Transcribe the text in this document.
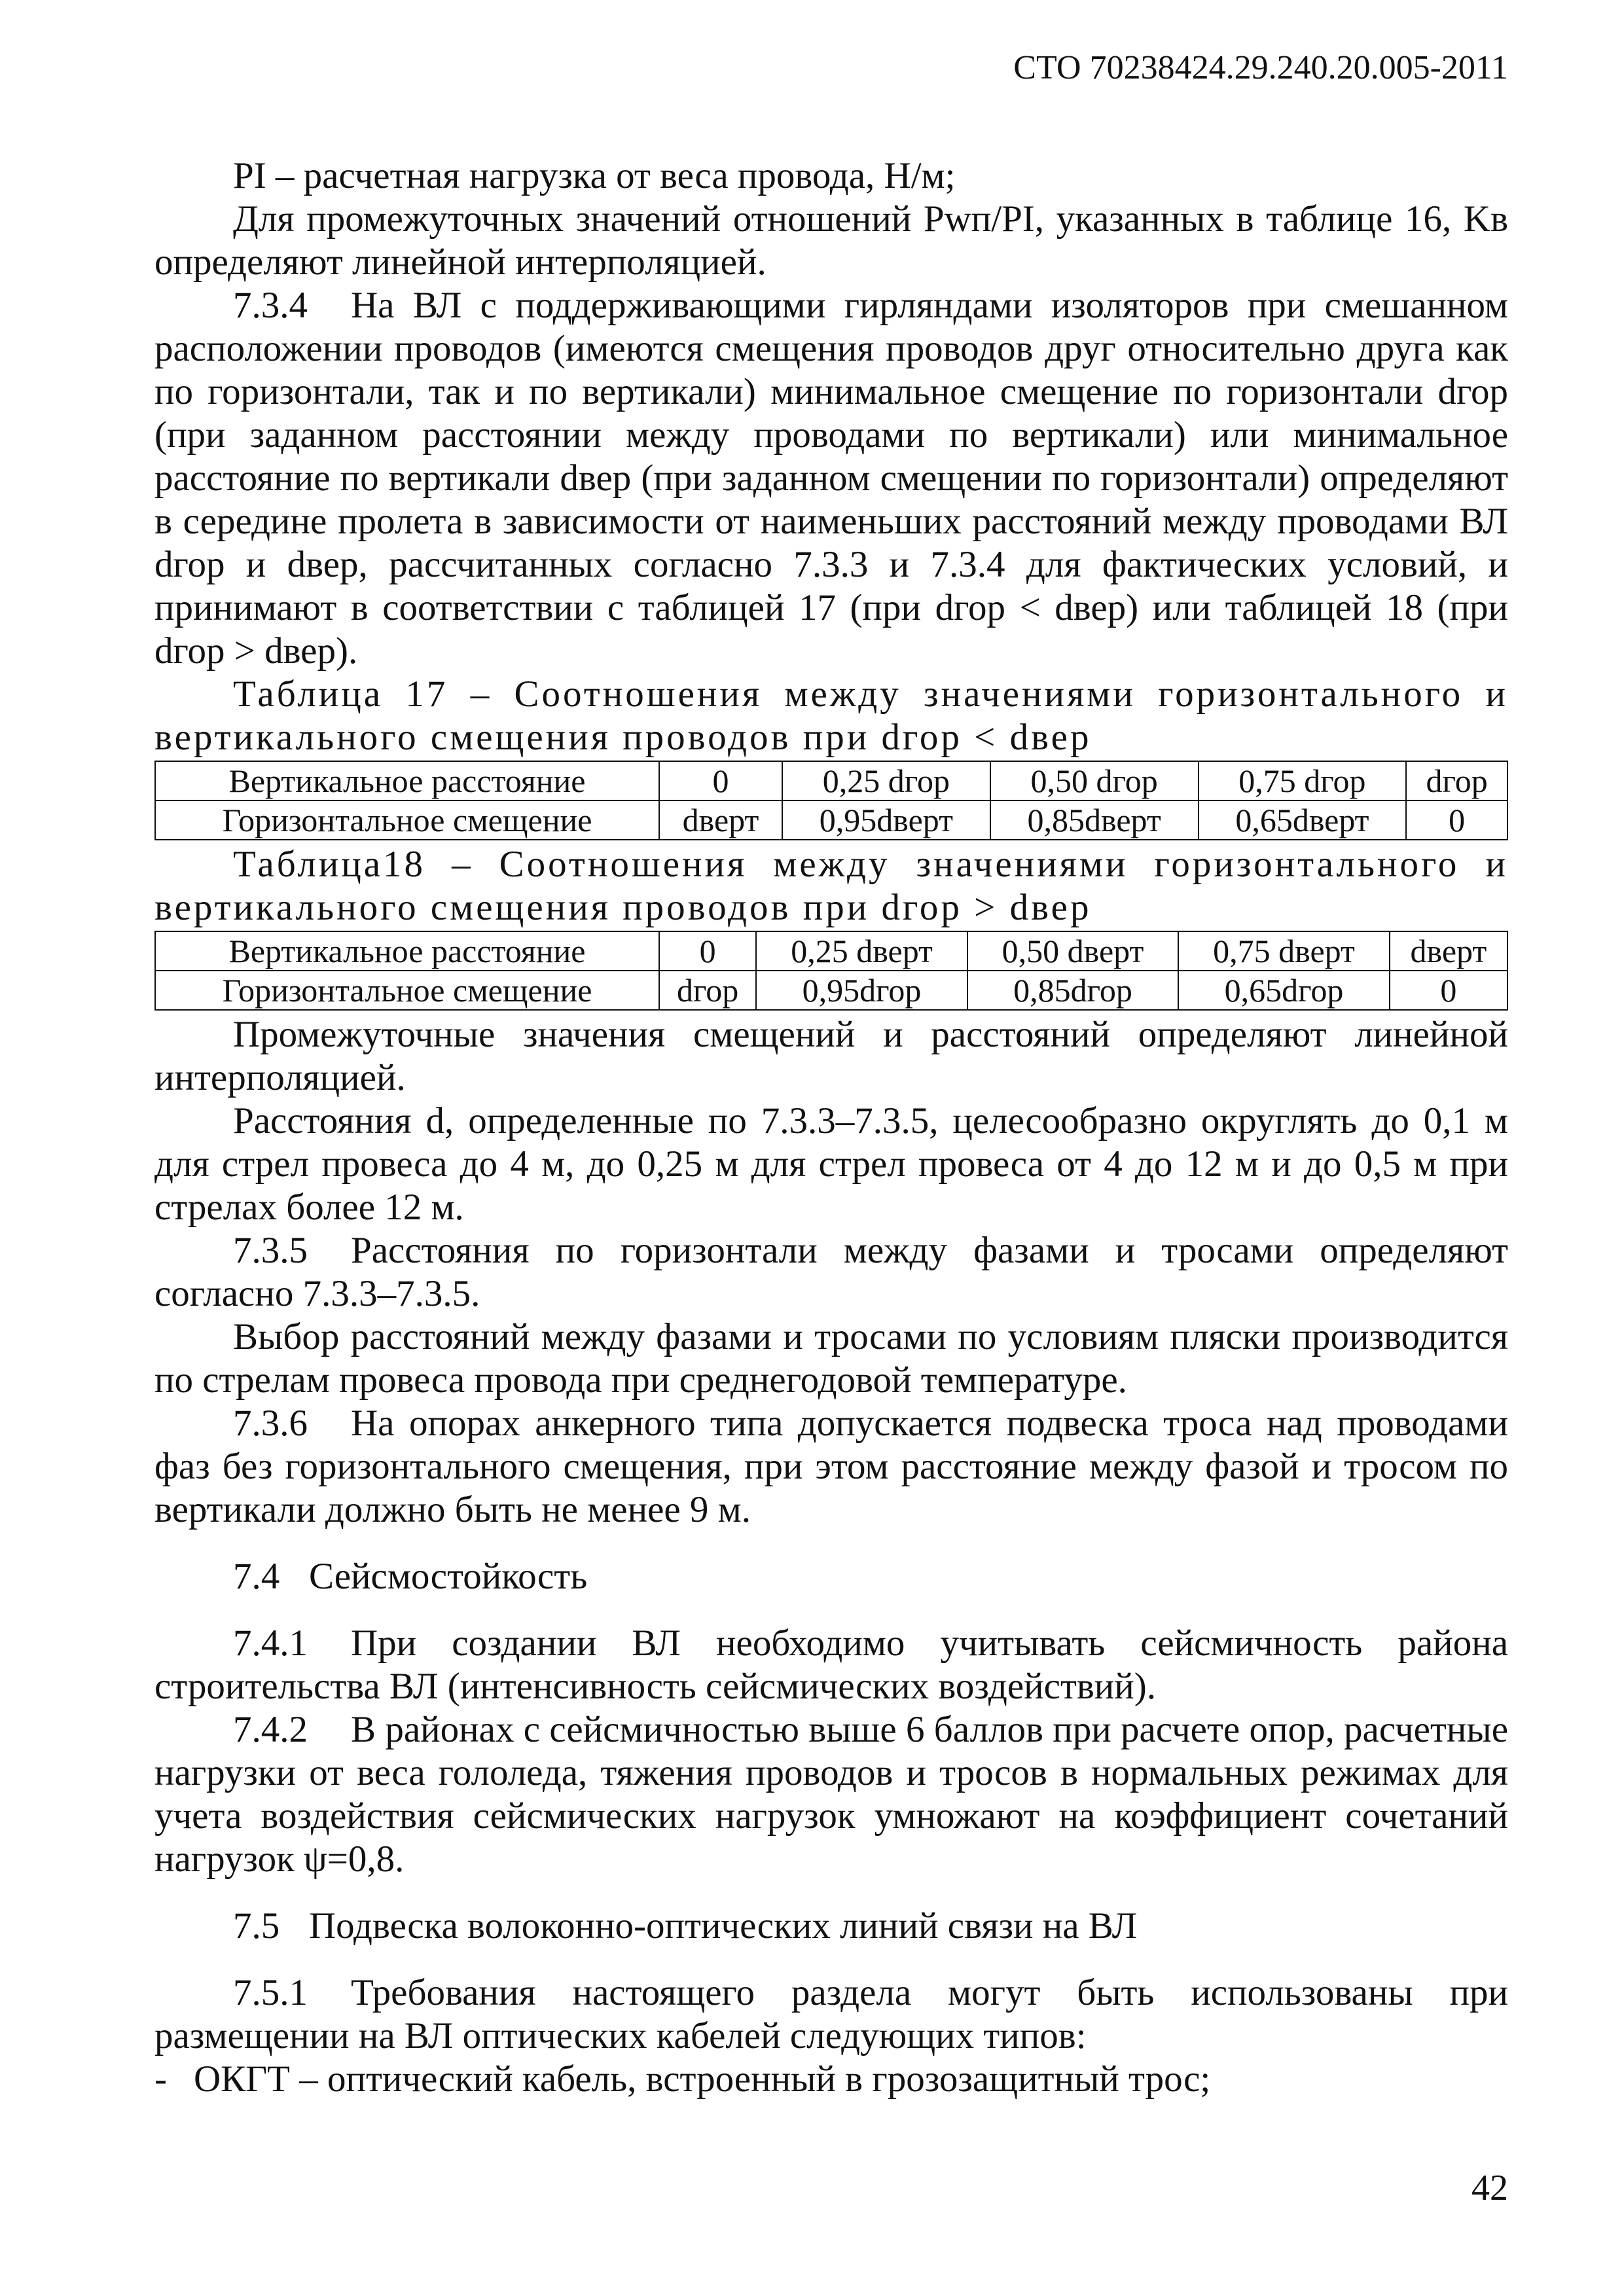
СТО 70238424.29.240.20.005-2011

PI – расчетная нагрузка от веса провода, Н/м;

Для промежуточных значений отношений Pwп/PI, указанных в таблице 16, Kв определяют линейной интерполяцией.

7.3.4 На ВЛ с поддерживающими гирляндами изоляторов при смешанном расположении проводов (имеются смещения проводов друг относительно друга как по горизонтали, так и по вертикали) минимальное смещение по горизонтали dгор (при заданном расстоянии между проводами по вертикали) или минимальное расстояние по вертикали dвер (при заданном смещении по горизонтали) определяют в середине пролета в зависимости от наименьших расстояний между проводами ВЛ dгор и dвер, рассчитанных согласно 7.3.3 и 7.3.4 для фактических условий, и принимают в соответствии с таблицей 17 (при dгор < dвер) или таблицей 18 (при dгор > dвер).

Таблица 17 – Соотношения между значениями горизонтального и вертикального смещения проводов при dгор < dвер

Вертикальное расстояние	0	0,25 dгор	0,50 dгор	0,75 dгор	dгор
Горизонтальное смещение	dверт	0,95dверт	0,85dверт	0,65dверт	0

Таблица18 – Соотношения между значениями горизонтального и вертикального смещения проводов при dгор > dвер

Вертикальное расстояние	0	0,25 dверт	0,50 dверт	0,75 dверт	dверт
Горизонтальное смещение	dгор	0,95dгор	0,85dгор	0,65dгор	0

Промежуточные значения смещений и расстояний определяют линейной интерполяцией.

Расстояния d, определенные по 7.3.3–7.3.5, целесообразно округлять до 0,1 м для стрел провеса до 4 м, до 0,25 м для стрел провеса от 4 до 12 м и до 0,5 м при стрелах более 12 м.

7.3.5 Расстояния по горизонтали между фазами и тросами определяют согласно 7.3.3–7.3.5.

Выбор расстояний между фазами и тросами по условиям пляски производится по стрелам провеса провода при среднегодовой температуре.

7.3.6 На опорах анкерного типа допускается подвеска троса над проводами фаз без горизонтального смещения, при этом расстояние между фазой и тросом по вертикали должно быть не менее 9 м.

7.4 Сейсмостойкость

7.4.1 При создании ВЛ необходимо учитывать сейсмичность района строительства ВЛ (интенсивность сейсмических воздействий).

7.4.2 В районах с сейсмичностью выше 6 баллов при расчете опор, расчетные нагрузки от веса гололеда, тяжения проводов и тросов в нормальных режимах для учета воздействия сейсмических нагрузок умножают на коэффициент сочетаний нагрузок ψ=0,8.

7.5 Подвеска волоконно-оптических линий связи на ВЛ

7.5.1 Требования настоящего раздела могут быть использованы при размещении на ВЛ оптических кабелей следующих типов:

- ОКГТ – оптический кабель, встроенный в грозозащитный трос;

42
